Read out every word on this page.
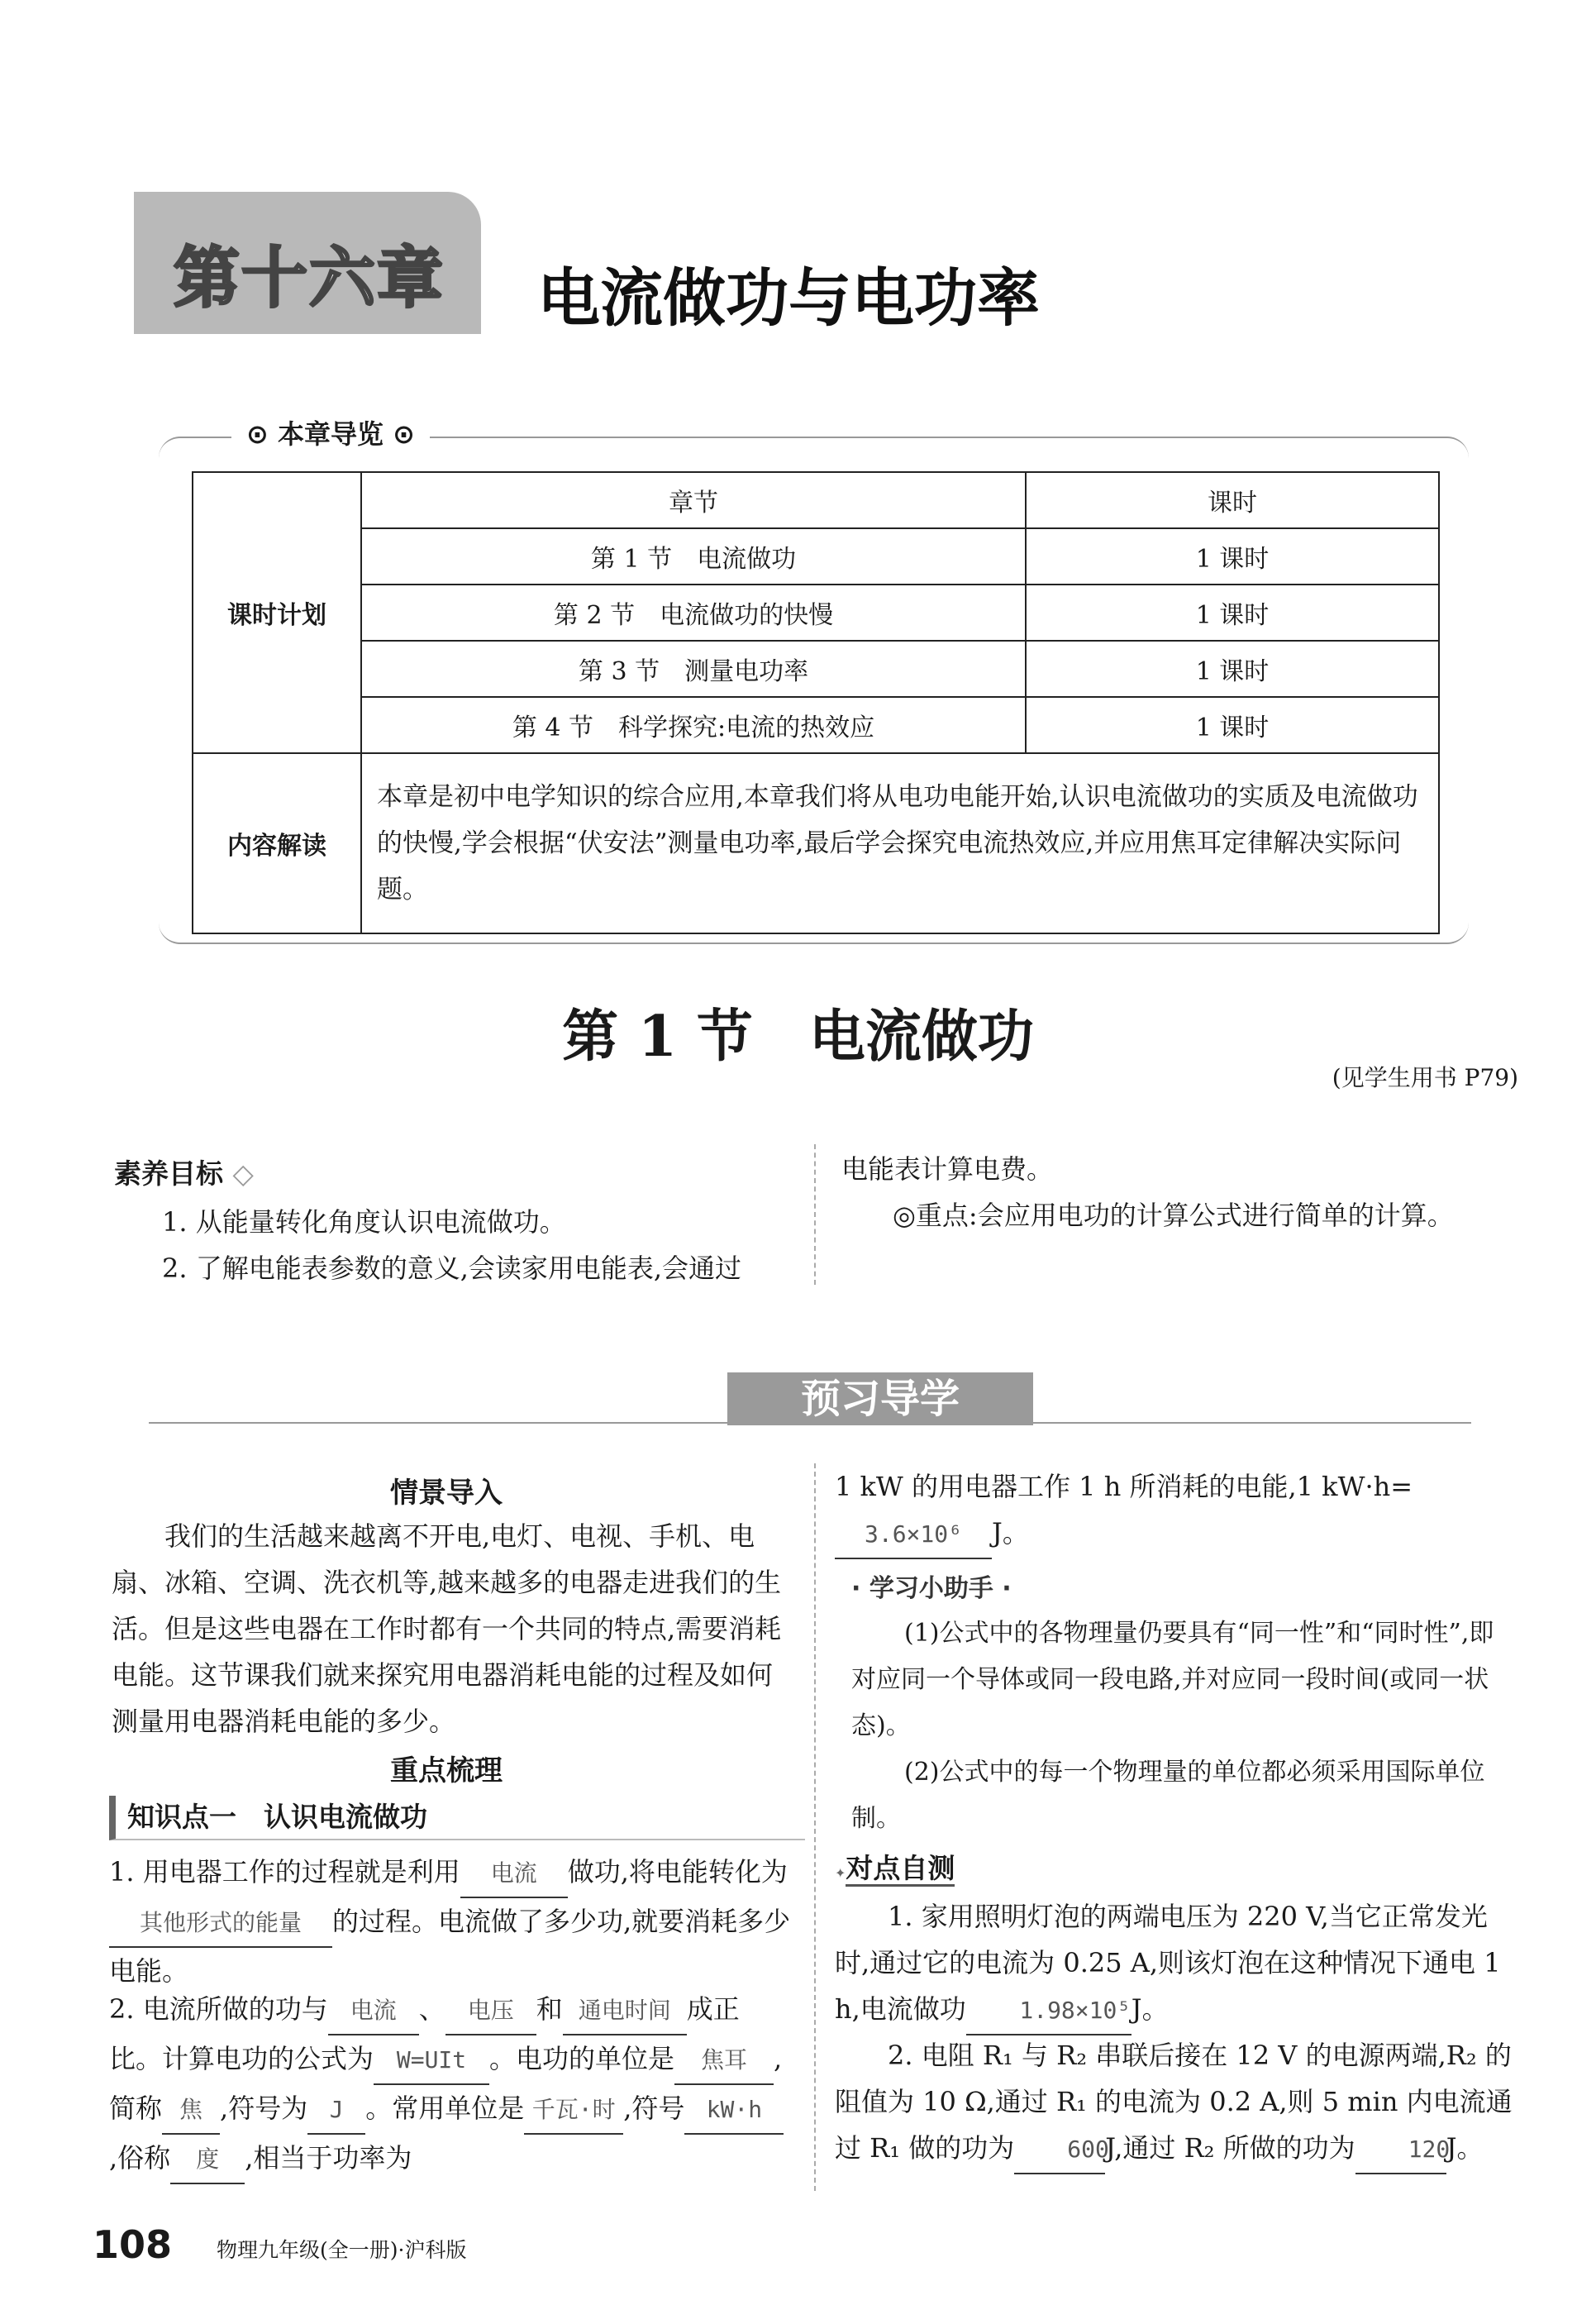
第十六章 电流做功与电功率
⊙ 本章导览 ⊙
课时计划	章节	课时
	第 1 节　电流做功	1 课时
	第 2 节　电流做功的快慢	1 课时
	第 3 节　测量电功率	1 课时
	第 4 节　科学探究:电流的热效应	1 课时
内容解读	本章是初中电学知识的综合应用,本章我们将从电功电能开始,认识电流做功的实质及电流做功的快慢,学会根据“伏安法”测量电功率,最后学会探究电流热效应,并应用焦耳定律解决实际问题。	
第 1 节　电流做功
(见学生用书 P79)
素养目标 ◇
1. 从能量转化角度认识电流做功。
2. 了解电能表参数的意义,会读家用电能表,会通过
电能表计算电费。
◎重点:会应用电功的计算公式进行简单的计算。
预习导学
情景导入
我们的生活越来越离不开电,电灯、电视、手机、电扇、冰箱、空调、洗衣机等,越来越多的电器走进我们的生活。但是这些电器在工作时都有一个共同的特点,需要消耗电能。这节课我们就来探究用电器消耗电能的过程及如何测量用电器消耗电能的多少。
重点梳理
知识点一　认识电流做功
1. 用电器工作的过程就是利用 电流 做功,将电能转化为其他形式的能量 的过程。电流做了多少功,就要消耗多少电能。
2. 电流所做的功与 电流 、 电压 和 通电时间 成正比。计算电功的公式为 W=UIt 。电功的单位是 焦耳 ,简称 焦 ,符号为 J 。常用单位是 千瓦·时 ,符号 kW·h,俗称 度 ,相当于功率为
1 kW 的用电器工作 1 h 所消耗的电能,1 kW·h=3.6×10⁶ J。
· 学习小助手 ·
(1)公式中的各物理量仍要具有“同一性”和“同时性”,即对应同一个导体或同一段电路,并对应同一段时间(或同一状态)。
(2)公式中的每一个物理量的单位都必须采用国际单位制。
✦对点自测
1. 家用照明灯泡的两端电压为 220 V,当它正常发光时,通过它的电流为 0.25 A,则该灯泡在这种情况下通电 1 h,电流做功 1.98×10⁵J。
2. 电阻 R₁ 与 R₂ 串联后接在 12 V 的电源两端,R₂ 的阻值为 10 Ω,通过 R₁ 的电流为 0.2 A,则 5 min 内电流通过 R₁ 做的功为 600J,通过 R₂ 所做的功为 120J。
108 物理九年级(全一册)·沪科版
